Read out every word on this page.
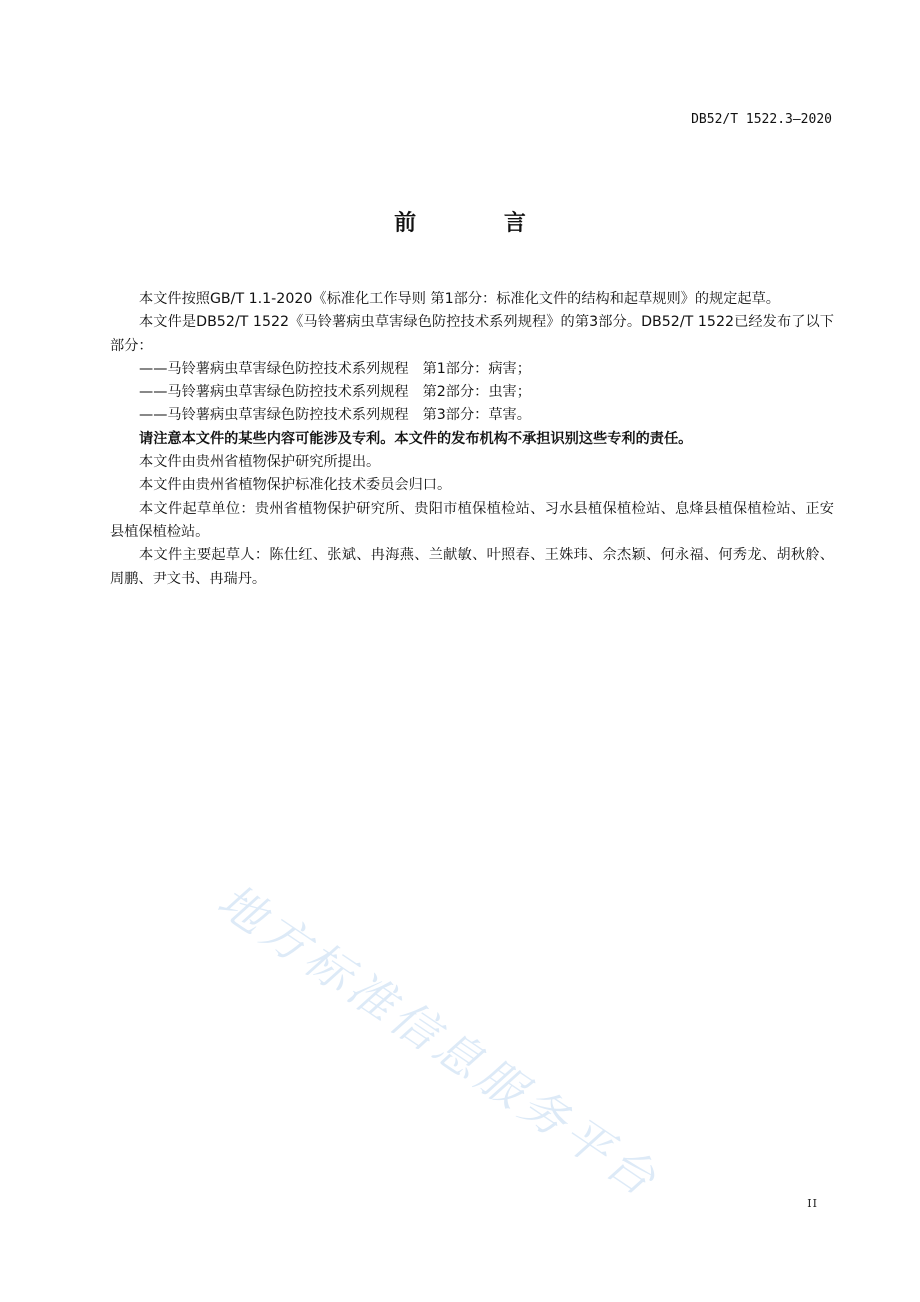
DB52/T 1522.3—2020
前 言

本文件按照GB/T 1.1-2020《标准化工作导则 第1部分：标准化文件的结构和起草规则》的规定起草。

本文件是DB52/T 1522《马铃薯病虫草害绿色防控技术系列规程》的第3部分。DB52/T 1522已经发布了以下部分：

——马铃薯病虫草害绿色防控技术系列规程 第1部分：病害；

——马铃薯病虫草害绿色防控技术系列规程 第2部分：虫害；

——马铃薯病虫草害绿色防控技术系列规程 第3部分：草害。

请注意本文件的某些内容可能涉及专利。本文件的发布机构不承担识别这些专利的责任。

本文件由贵州省植物保护研究所提出。

本文件由贵州省植物保护标准化技术委员会归口。

本文件起草单位：贵州省植物保护研究所、贵阳市植保植检站、习水县植保植检站、息烽县植保植检站、正安县植保植检站。

本文件主要起草人：陈仕红、张斌、冉海燕、兰献敏、叶照春、王姝玮、佘杰颖、何永福、何秀龙、胡秋舲、周鹏、尹文书、冉瑞丹。

地方标准信息服务平台	II
